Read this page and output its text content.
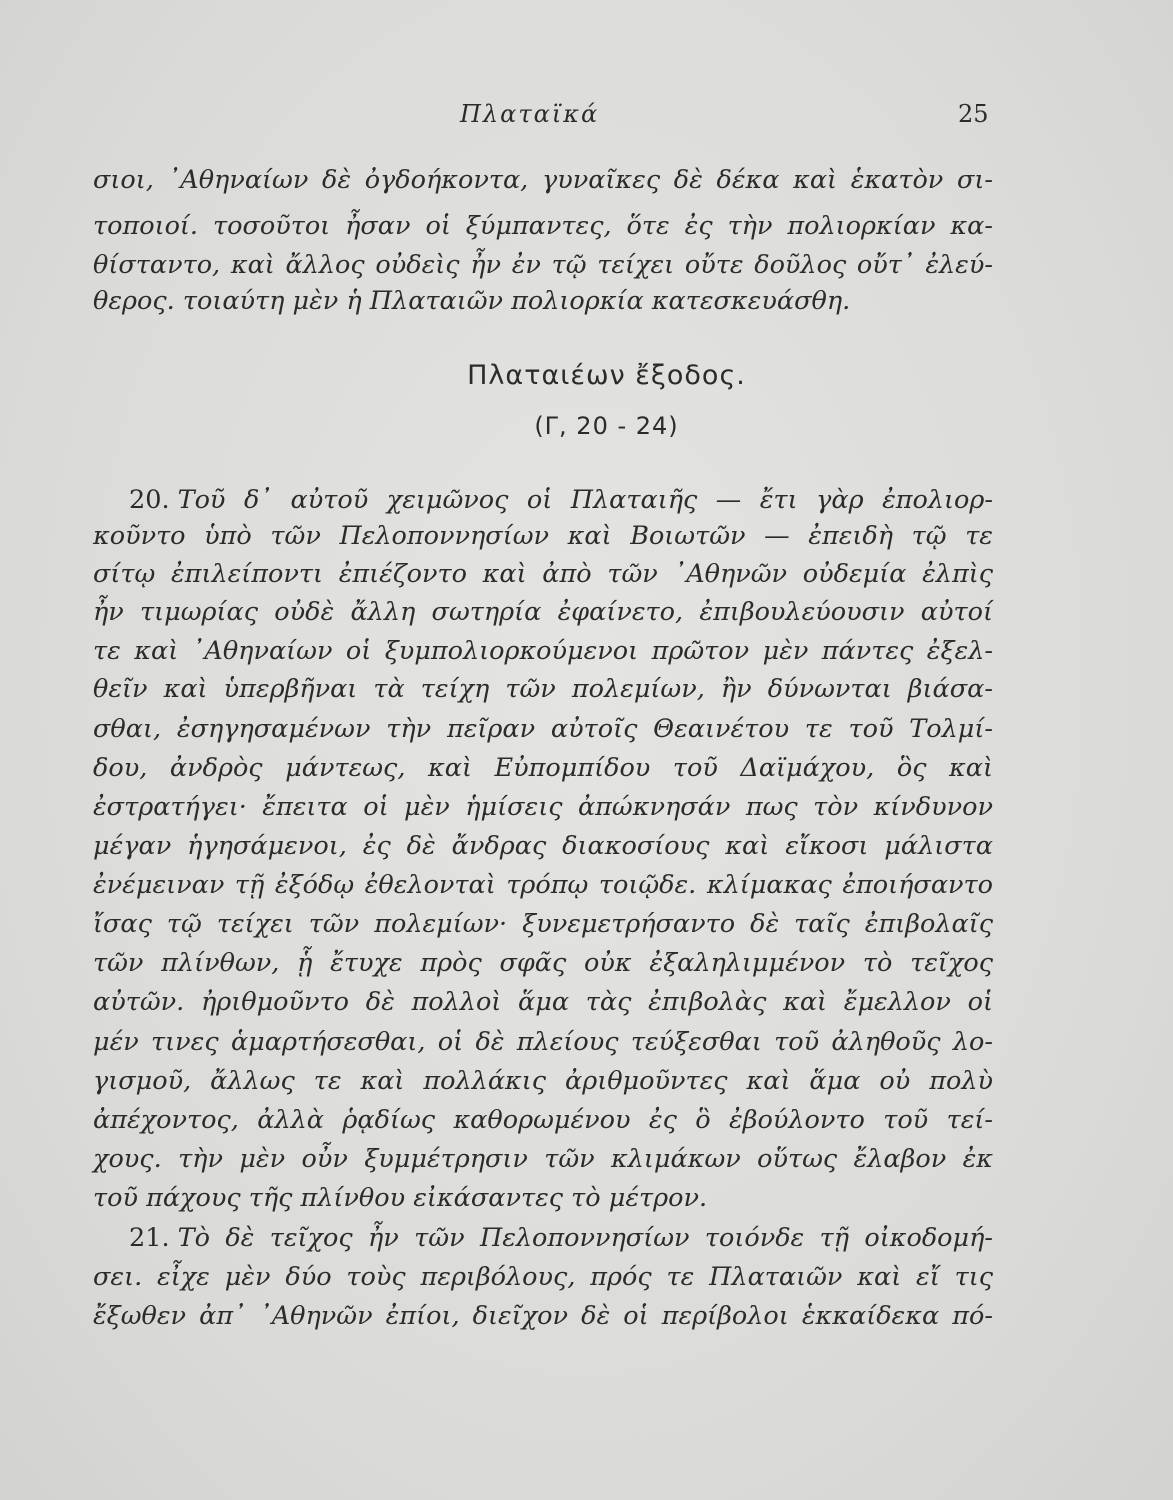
Πλαταϊκά	25
σιοι, ᾿Αθηναίων δὲ ὀγδοήκοντα, γυναῖκες δὲ δέκα καὶ ἑκατὸν σι-
τοποιοί. τοσοῦτοι ἦσαν οἱ ξύμπαντες, ὅτε ἐς τὴν πολιορκίαν κα-
θίσταντο, καὶ ἄλλος οὐδεὶς ἦν ἐν τῷ τείχει οὔτε δοῦλος οὔτ᾿ ἐλεύ-
θερος. τοιαύτη μὲν ἡ Πλαταιῶν πολιορκία κατεσκευάσθη.
Πλαταιέων ἔξοδος.
(Γ, 20 - 24)
20. Τοῦ δ᾿ αὐτοῦ χειμῶνος οἱ Πλαταιῆς — ἔτι γὰρ ἐπολιορ-
κοῦντο ὑπὸ τῶν Πελοποννησίων καὶ Βοιωτῶν — ἐπειδὴ τῷ τε
σίτῳ ἐπιλείποντι ἐπιέζοντο καὶ ἀπὸ τῶν ᾿Αθηνῶν οὐδεμία ἐλπὶς
ἦν τιμωρίας οὐδὲ ἄλλη σωτηρία ἐφαίνετο, ἐπιβουλεύουσιν αὐτοί
τε καὶ ᾿Αθηναίων οἱ ξυμπολιορκούμενοι πρῶτον μὲν πάντες ἐξελ-
θεῖν καὶ ὑπερβῆναι τὰ τείχη τῶν πολεμίων, ἢν δύνωνται βιάσα-
σθαι, ἐσηγησαμένων τὴν πεῖραν αὐτοῖς Θεαινέτου τε τοῦ Τολμί-
δου, ἀνδρὸς μάντεως, καὶ Εὐπομπίδου τοῦ Δαϊμάχου, ὃς καὶ
ἐστρατήγει· ἔπειτα οἱ μὲν ἡμίσεις ἀπώκνησάν πως τὸν κίνδυνον
μέγαν ἡγησάμενοι, ἐς δὲ ἄνδρας διακοσίους καὶ εἴκοσι μάλιστα
ἐνέμειναν τῇ ἐξόδῳ ἐθελονταὶ τρόπῳ τοιῷδε. κλίμακας ἐποιήσαντο
ἴσας τῷ τείχει τῶν πολεμίων· ξυνεμετρήσαντο δὲ ταῖς ἐπιβολαῖς
τῶν πλίνθων, ᾗ ἔτυχε πρὸς σφᾶς οὐκ ἐξαληλιμμένον τὸ τεῖχος
αὐτῶν. ἠριθμοῦντο δὲ πολλοὶ ἅμα τὰς ἐπιβολὰς καὶ ἔμελλον οἱ
μέν τινες ἁμαρτήσεσθαι, οἱ δὲ πλείους τεύξεσθαι τοῦ ἀληθοῦς λο-
γισμοῦ, ἄλλως τε καὶ πολλάκις ἀριθμοῦντες καὶ ἅμα οὐ πολὺ
ἀπέχοντος, ἀλλὰ ῥᾳδίως καθορωμένου ἐς ὃ ἐβούλοντο τοῦ τεί-
χους. τὴν μὲν οὖν ξυμμέτρησιν τῶν κλιμάκων οὕτως ἔλαβον ἐκ
τοῦ πάχους τῆς πλίνθου εἰκάσαντες τὸ μέτρον.
21. Τὸ δὲ τεῖχος ἦν τῶν Πελοποννησίων τοιόνδε τῇ οἰκοδομή-
σει. εἶχε μὲν δύο τοὺς περιβόλους, πρός τε Πλαταιῶν καὶ εἴ τις
ἔξωθεν ἀπ᾿ ᾿Αθηνῶν ἐπίοι, διεῖχον δὲ οἱ περίβολοι ἑκκαίδεκα πό-
